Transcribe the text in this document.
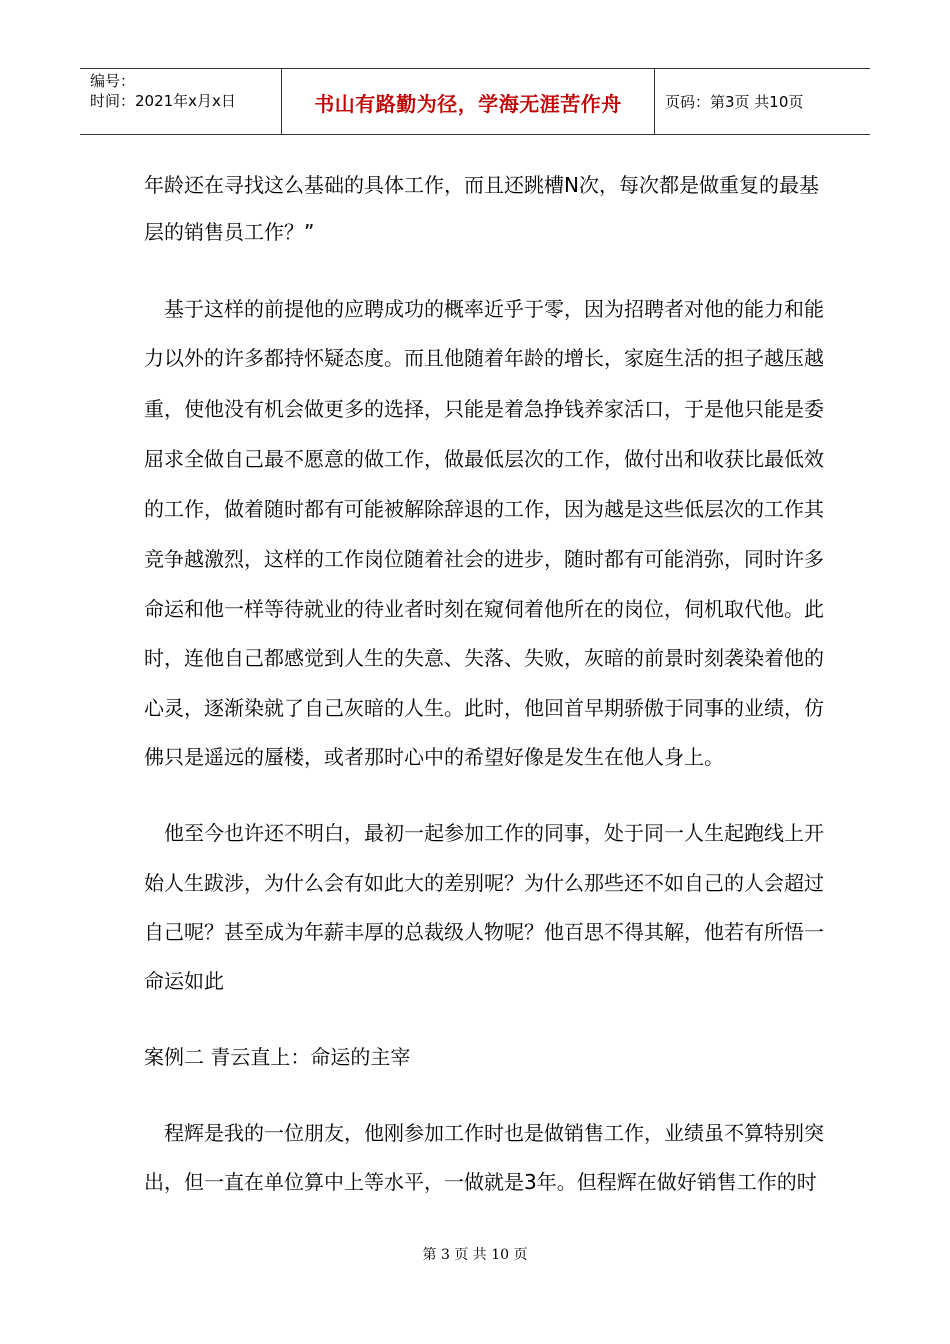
编号：
时间：2021年x月x日	书山有路勤为径，学海无涯苦作舟	页码：第3页 共10页
年龄还在寻找这么基础的具体工作，而且还跳槽N次，每次都是做重复的最基
层的销售员工作？”
基于这样的前提他的应聘成功的概率近乎于零，因为招聘者对他的能力和能
力以外的许多都持怀疑态度。而且他随着年龄的增长，家庭生活的担子越压越
重，使他没有机会做更多的选择，只能是着急挣钱养家活口，于是他只能是委
屈求全做自己最不愿意的做工作，做最低层次的工作，做付出和收获比最低效
的工作，做着随时都有可能被解除辞退的工作，因为越是这些低层次的工作其
竞争越激烈，这样的工作岗位随着社会的进步，随时都有可能消弥，同时许多
命运和他一样等待就业的待业者时刻在窥伺着他所在的岗位，伺机取代他。此
时，连他自己都感觉到人生的失意、失落、失败，灰暗的前景时刻袭染着他的
心灵，逐渐染就了自己灰暗的人生。此时，他回首早期骄傲于同事的业绩，仿
佛只是遥远的蜃楼，或者那时心中的希望好像是发生在他人身上。
他至今也许还不明白，最初一起参加工作的同事，处于同一人生起跑线上开
始人生跋涉，为什么会有如此大的差别呢？为什么那些还不如自己的人会超过
自己呢？甚至成为年薪丰厚的总裁级人物呢？他百思不得其解，他若有所悟一
命运如此
案例二 青云直上：命运的主宰
程辉是我的一位朋友，他刚参加工作时也是做销售工作，业绩虽不算特别突
出，但一直在单位算中上等水平，一做就是3年。但程辉在做好销售工作的时
第 3 页 共 10 页
